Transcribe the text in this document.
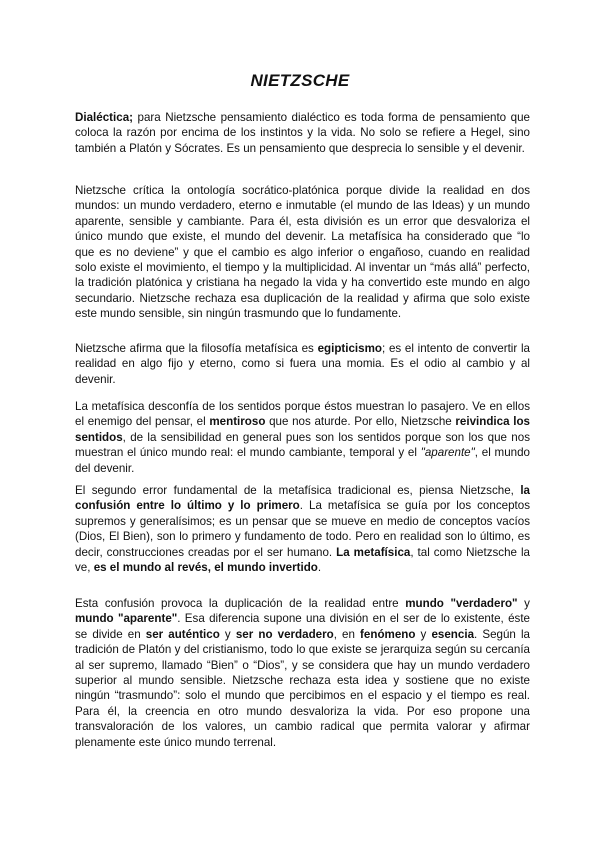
NIETZSCHE

Dialéctica; para Nietzsche pensamiento dialéctico es toda forma de pensamiento que coloca la razón por encima de los instintos y la vida. No solo se refiere a Hegel, sino también a Platón y Sócrates. Es un pensamiento que desprecia lo sensible y el devenir.

Nietzsche crítica la ontología socrático-platónica porque divide la realidad en dos mundos: un mundo verdadero, eterno e inmutable (el mundo de las Ideas) y un mundo aparente, sensible y cambiante. Para él, esta división es un error que desvaloriza el único mundo que existe, el mundo del devenir. La metafísica ha considerado que “lo que es no deviene” y que el cambio es algo inferior o engañoso, cuando en realidad solo existe el movimiento, el tiempo y la multiplicidad. Al inventar un “más allá” perfecto, la tradición platónica y cristiana ha negado la vida y ha convertido este mundo en algo secundario. Nietzsche rechaza esa duplicación de la realidad y afirma que solo existe este mundo sensible, sin ningún trasmundo que lo fundamente.

Nietzsche afirma que la filosofía metafísica es egipticismo; es el intento de convertir la realidad en algo fijo y eterno, como si fuera una momia. Es el odio al cambio y al devenir.

La metafísica desconfía de los sentidos porque éstos muestran lo pasajero. Ve en ellos el enemigo del pensar, el mentiroso que nos aturde. Por ello, Nietzsche reivindica los sentidos, de la sensibilidad en general pues son los sentidos porque son los que nos muestran el único mundo real: el mundo cambiante, temporal y el "aparente", el mundo del devenir.

El segundo error fundamental de la metafísica tradicional es, piensa Nietzsche, la confusión entre lo último y lo primero. La metafísica se guía por los conceptos supremos y generalísimos; es un pensar que se mueve en medio de conceptos vacíos (Dios, El Bien), son lo primero y fundamento de todo. Pero en realidad son lo último, es decir, construcciones creadas por el ser humano. La metafísica, tal como Nietzsche la ve, es el mundo al revés, el mundo invertido.

Esta confusión provoca la duplicación de la realidad entre mundo "verdadero" y mundo "aparente". Esa diferencia supone una división en el ser de lo existente, éste se divide en ser auténtico y ser no verdadero, en fenómeno y esencia. Según la tradición de Platón y del cristianismo, todo lo que existe se jerarquiza según su cercanía al ser supremo, llamado “Bien” o “Dios”, y se considera que hay un mundo verdadero superior al mundo sensible. Nietzsche rechaza esta idea y sostiene que no existe ningún “trasmundo”: solo el mundo que percibimos en el espacio y el tiempo es real. Para él, la creencia en otro mundo desvaloriza la vida. Por eso propone una transvaloración de los valores, un cambio radical que permita valorar y afirmar plenamente este único mundo terrenal.
